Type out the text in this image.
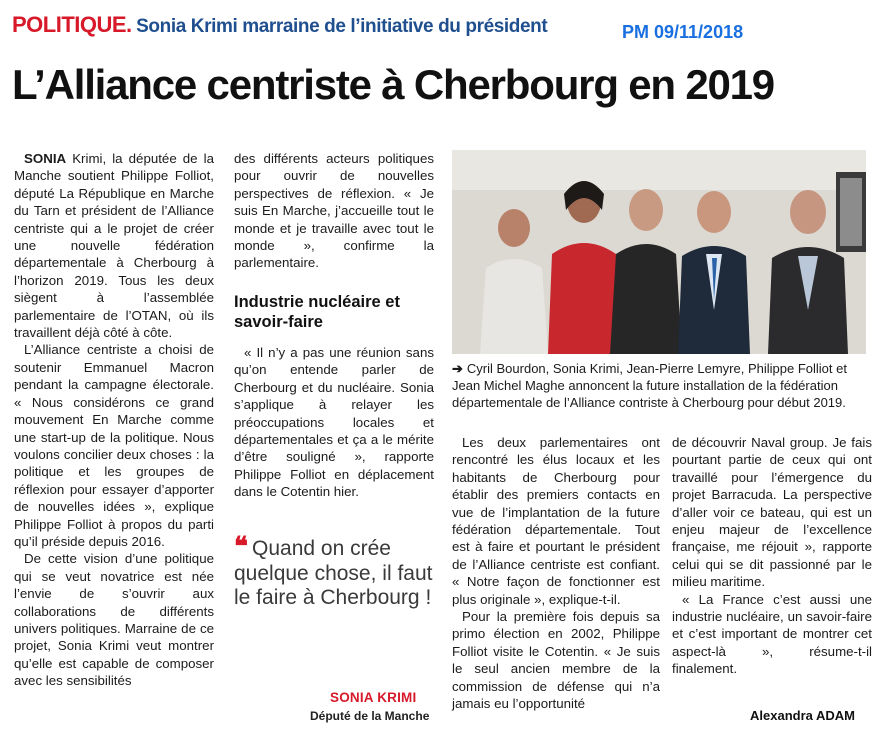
POLITIQUE. Sonia Krimi marraine de l’initiative du président	PM 09/11/2018
L’Alliance centriste à Cherbourg en 2019

SONIA Krimi, la députée de la Manche soutient Philippe Folliot, député La République en Marche du Tarn et président de l’Alliance centriste qui a le projet de créer une nouvelle fédération départementale à Cherbourg à l’horizon 2019. Tous les deux siègent à l’assemblée parlementaire de l’OTAN, où ils travaillent déjà côté à côte.

L’Alliance centriste a choisi de soutenir Emmanuel Macron pendant la campagne électorale. « Nous considérons ce grand mouvement En Marche comme une start-up de la politique. Nous voulons concilier deux choses : la politique et les groupes de réflexion pour essayer d’apporter de nouvelles idées », explique Philippe Folliot à propos du parti qu’il préside depuis 2016.

De cette vision d’une politique qui se veut novatrice est née l’envie de s’ouvrir aux collaborations de différents univers politiques. Marraine de ce projet, Sonia Krimi veut montrer qu’elle est capable de composer avec les sensibilités

des différents acteurs politiques pour ouvrir de nouvelles perspectives de réflexion. « Je suis En Marche, j’accueille tout le monde et je travaille avec tout le monde », confirme la parlementaire.

Industrie nucléaire et savoir-faire

« Il n’y a pas une réunion sans qu’on entende parler de Cherbourg et du nucléaire. Sonia s’applique à relayer les préoccupations locales et départementales et ça a le mérite d’être souligné », rapporte Philippe Folliot en déplacement dans le Cotentin hier.

❝ Quand on crée quelque chose, il faut le faire à Cherbourg !
SONIA KRIMI
Député de la Manche
➔ Cyril Bourdon, Sonia Krimi, Jean-Pierre Lemyre, Philippe Folliot et Jean Michel Maghe annoncent la future installation de la fédération départementale de l’Alliance contriste à Cherbourg pour début 2019.

Les deux parlementaires ont rencontré les élus locaux et les habitants de Cherbourg pour établir des premiers contacts en vue de l’implantation de la future fédération départementale. Tout est à faire et pourtant le président de l’Alliance centriste est confiant. « Notre façon de fonctionner est plus originale », explique-t-il.

Pour la première fois depuis sa primo élection en 2002, Philippe Folliot visite le Cotentin. « Je suis le seul ancien membre de la commission de défense qui n’a jamais eu l’opportunité

de découvrir Naval group. Je fais pourtant partie de ceux qui ont travaillé pour l’émergence du projet Barracuda. La perspective d’aller voir ce bateau, qui est un enjeu majeur de l’excellence française, me réjouit », rapporte celui qui se dit passionné par le milieu maritime.

« La France c’est aussi une industrie nucléaire, un savoir-faire et c’est important de montrer cet aspect-là », résume-t-il finalement.

Alexandra ADAM
